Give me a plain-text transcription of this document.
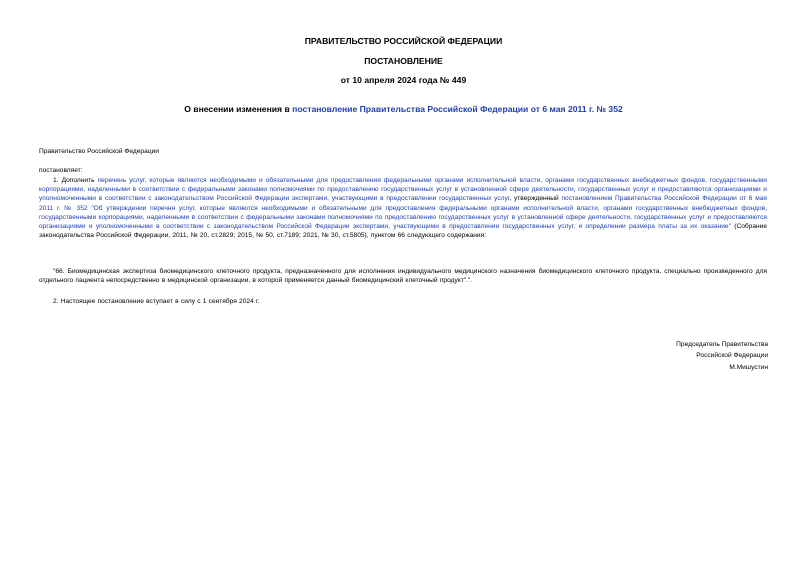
ПРАВИТЕЛЬСТВО РОССИЙСКОЙ ФЕДЕРАЦИИ
ПОСТАНОВЛЕНИЕ
от 10 апреля 2024 года № 449
О внесении изменения в постановление Правительства Российской Федерации от 6 мая 2011 г. № 352
Правительство Российской Федерации
постановляет:
1. Дополнить перечень услуг, которые являются необходимыми и обязательными для предоставления федеральными органами исполнительной власти, органами государственных внебюджетных фондов, государственными корпорациями, наделенными в соответствии с федеральными законами полномочиями по предоставлению государственных услуг в установленной сфере деятельности, государственных услуг и предоставляются организациями и уполномоченными в соответствии с законодательством Российской Федерации экспертами, участвующими в предоставлении государственных услуг, утвержденный постановлением Правительства Российской Федерации от 6 мая 2011 г. № 352 "Об утверждении перечня услуг, которые являются необходимыми и обязательными для предоставления федеральными органами исполнительной власти, органами государственных внебюджетных фондов, государственными корпорациями, наделенными в соответствии с федеральными законами полномочиями по предоставлению государственных услуг в установленной сфере деятельности, государственных услуг и предоставляются организациями и уполномоченными в соответствии с законодательством Российской Федерации экспертами, участвующими в предоставлении государственных услуг, и определении размера платы за их оказание" (Собрание законодательства Российской Федерации, 2011, № 20, ст.2829; 2015, № 50, ст.7189; 2021, № 30, ст.5805), пунктом 66 следующего содержания:
"66. Биомедицинская экспертиза биомедицинского клеточного продукта, предназначенного для исполнения индивидуального медицинского назначения биомедицинского клеточного продукта, специально произведенного для отдельного пациента непосредственно в медицинской организации, в которой применяется данный биомедицинский клеточный продукт".".
2. Настоящее постановление вступает в силу с 1 сентября 2024 г.
Председатель Правительства
Российской Федерации
М.Мишустин
